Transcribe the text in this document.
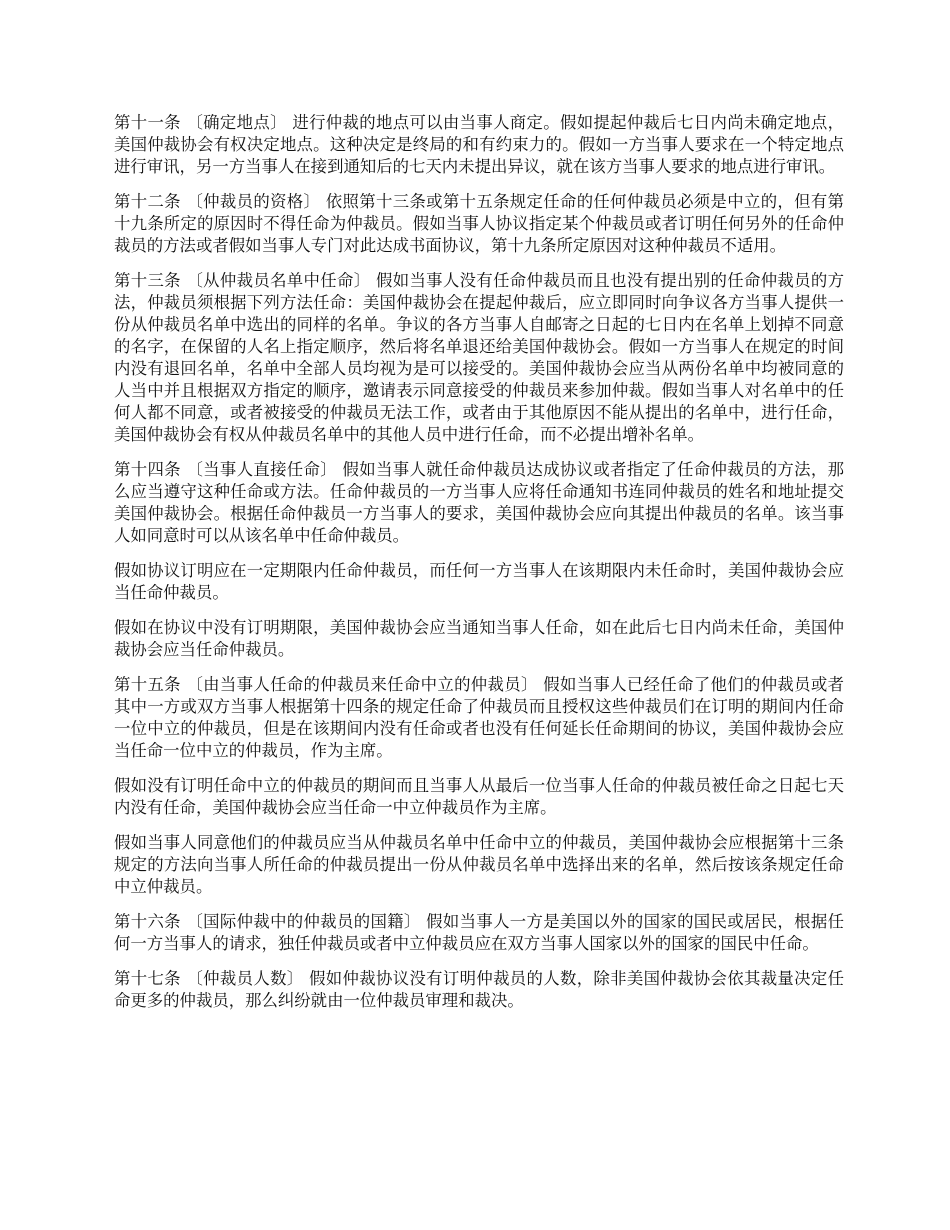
第十一条 〔确定地点〕 进行仲裁的地点可以由当事人商定。假如提起仲裁后七日内尚未确定地点，美国仲裁协会有权决定地点。这种决定是终局的和有约束力的。假如一方当事人要求在一个特定地点进行审讯，另一方当事人在接到通知后的七天内未提出异议，就在该方当事人要求的地点进行审讯。

第十二条 〔仲裁员的资格〕 依照第十三条或第十五条规定任命的任何仲裁员必须是中立的，但有第十九条所定的原因时不得任命为仲裁员。假如当事人协议指定某个仲裁员或者订明任何另外的任命仲裁员的方法或者假如当事人专门对此达成书面协议，第十九条所定原因对这种仲裁员不适用。

第十三条 〔从仲裁员名单中任命〕 假如当事人没有任命仲裁员而且也没有提出别的任命仲裁员的方法，仲裁员须根据下列方法任命：美国仲裁协会在提起仲裁后，应立即同时向争议各方当事人提供一份从仲裁员名单中选出的同样的名单。争议的各方当事人自邮寄之日起的七日内在名单上划掉不同意的名字，在保留的人名上指定顺序，然后将名单退还给美国仲裁协会。假如一方当事人在规定的时间内没有退回名单，名单中全部人员均视为是可以接受的。美国仲裁协会应当从两份名单中均被同意的人当中并且根据双方指定的顺序，邀请表示同意接受的仲裁员来参加仲裁。假如当事人对名单中的任何人都不同意，或者被接受的仲裁员无法工作，或者由于其他原因不能从提出的名单中，进行任命，美国仲裁协会有权从仲裁员名单中的其他人员中进行任命，而不必提出增补名单。

第十四条 〔当事人直接任命〕 假如当事人就任命仲裁员达成协议或者指定了任命仲裁员的方法，那么应当遵守这种任命或方法。任命仲裁员的一方当事人应将任命通知书连同仲裁员的姓名和地址提交美国仲裁协会。根据任命仲裁员一方当事人的要求，美国仲裁协会应向其提出仲裁员的名单。该当事人如同意时可以从该名单中任命仲裁员。

假如协议订明应在一定期限内任命仲裁员，而任何一方当事人在该期限内未任命时，美国仲裁协会应当任命仲裁员。

假如在协议中没有订明期限，美国仲裁协会应当通知当事人任命，如在此后七日内尚未任命，美国仲裁协会应当任命仲裁员。

第十五条 〔由当事人任命的仲裁员来任命中立的仲裁员〕 假如当事人已经任命了他们的仲裁员或者其中一方或双方当事人根据第十四条的规定任命了仲裁员而且授权这些仲裁员们在订明的期间内任命一位中立的仲裁员，但是在该期间内没有任命或者也没有任何延长任命期间的协议，美国仲裁协会应当任命一位中立的仲裁员，作为主席。

假如没有订明任命中立的仲裁员的期间而且当事人从最后一位当事人任命的仲裁员被任命之日起七天内没有任命，美国仲裁协会应当任命一中立仲裁员作为主席。

假如当事人同意他们的仲裁员应当从仲裁员名单中任命中立的仲裁员，美国仲裁协会应根据第十三条规定的方法向当事人所任命的仲裁员提出一份从仲裁员名单中选择出来的名单，然后按该条规定任命中立仲裁员。

第十六条 〔国际仲裁中的仲裁员的国籍〕 假如当事人一方是美国以外的国家的国民或居民，根据任何一方当事人的请求，独任仲裁员或者中立仲裁员应在双方当事人国家以外的国家的国民中任命。

第十七条 〔仲裁员人数〕 假如仲裁协议没有订明仲裁员的人数，除非美国仲裁协会依其裁量决定任命更多的仲裁员，那么纠纷就由一位仲裁员审理和裁决。
